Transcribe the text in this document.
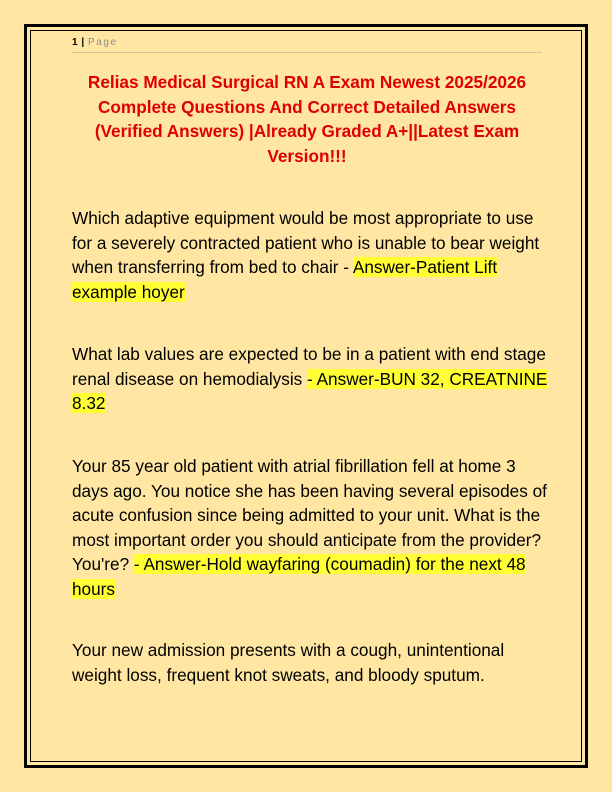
1 | Page
Relias Medical Surgical RN A Exam Newest 2025/2026 Complete Questions And Correct Detailed Answers (Verified Answers) |Already Graded A+||Latest Exam Version!!!
Which adaptive equipment would be most appropriate to use for a severely contracted patient who is unable to bear weight when transferring from bed to chair - Answer-Patient Lift example hoyer
What lab values are expected to be in a patient with end stage renal disease on hemodialysis - Answer-BUN 32, CREATNINE 8.32
Your 85 year old patient with atrial fibrillation fell at home 3 days ago. You notice she has been having several episodes of acute confusion since being admitted to your unit. What is the most important order you should anticipate from the provider? You're? - Answer-Hold wayfaring (coumadin) for the next 48 hours
Your new admission presents with a cough, unintentional weight loss, frequent knot sweats, and bloody sputum.
